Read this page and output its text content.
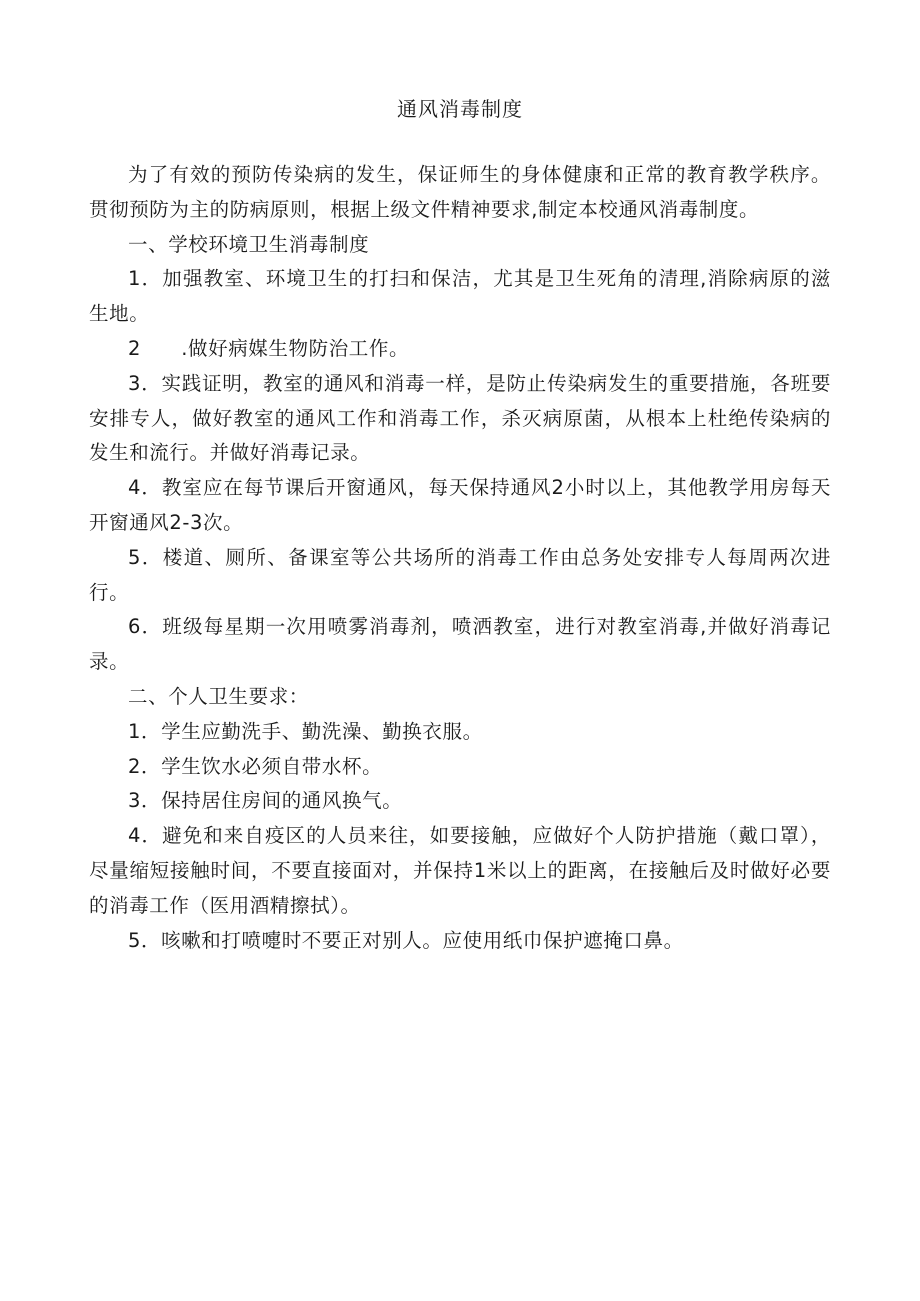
通风消毒制度

为了有效的预防传染病的发生，保证师生的身体健康和正常的教育教学秩序。贯彻预防为主的防病原则，根据上级文件精神要求,制定本校通风消毒制度。

一、学校环境卫生消毒制度

1．加强教室、环境卫生的打扫和保洁，尤其是卫生死角的清理,消除病原的滋生地。

2　　.做好病媒生物防治工作。

3．实践证明，教室的通风和消毒一样，是防止传染病发生的重要措施，各班要安排专人，做好教室的通风工作和消毒工作，杀灭病原菌，从根本上杜绝传染病的发生和流行。并做好消毒记录。

4．教室应在每节课后开窗通风，每天保持通风2小时以上，其他教学用房每天开窗通风2-3次。

5．楼道、厕所、备课室等公共场所的消毒工作由总务处安排专人每周两次进行。

6．班级每星期一次用喷雾消毒剂，喷洒教室，进行对教室消毒,并做好消毒记录。

二、个人卫生要求：

1．学生应勤洗手、勤洗澡、勤换衣服。

2．学生饮水必须自带水杯。

3．保持居住房间的通风换气。

4．避免和来自疫区的人员来往，如要接触，应做好个人防护措施（戴口罩），尽量缩短接触时间，不要直接面对，并保持1米以上的距离，在接触后及时做好必要的消毒工作（医用酒精擦拭）。

5．咳嗽和打喷嚏时不要正对别人。应使用纸巾保护遮掩口鼻。
